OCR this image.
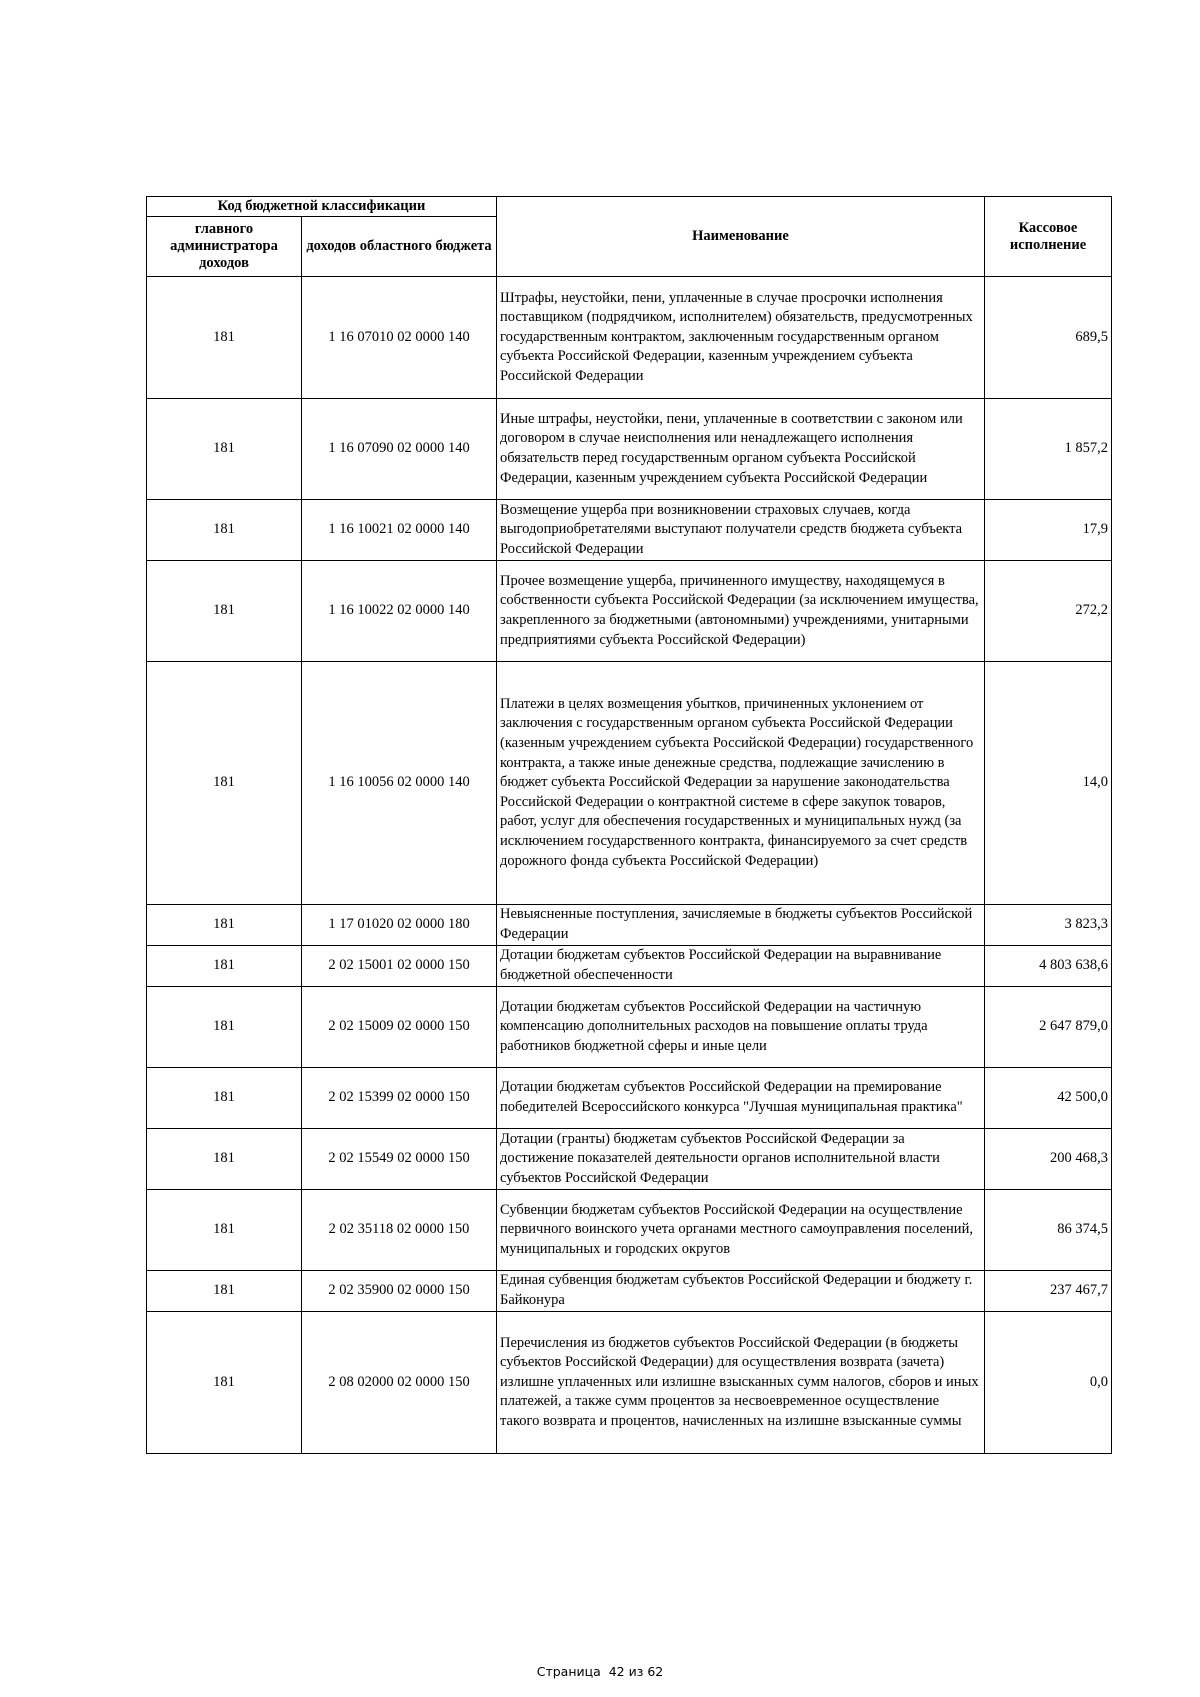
Код бюджетной классификации		Наименование	Кассовое исполнение
главного администратора доходов	доходов областного бюджета		
181	1 16 07010 02 0000 140	Штрафы, неустойки, пени, уплаченные в случае просрочки исполнения поставщиком (подрядчиком, исполнителем) обязательств, предусмотренных государственным контрактом, заключенным государственным органом субъекта Российской Федерации, казенным учреждением субъекта Российской Федерации	689,5
181	1 16 07090 02 0000 140	Иные штрафы, неустойки, пени, уплаченные в соответствии с законом или договором в случае неисполнения или ненадлежащего исполнения обязательств перед государственным органом субъекта Российской Федерации, казенным учреждением субъекта Российской Федерации	1 857,2
181	1 16 10021 02 0000 140	Возмещение ущерба при возникновении страховых случаев, когда выгодоприобретателями выступают получатели средств бюджета субъекта Российской Федерации	17,9
181	1 16 10022 02 0000 140	Прочее возмещение ущерба, причиненного имуществу, находящемуся в собственности субъекта Российской Федерации (за исключением имущества, закрепленного за бюджетными (автономными) учреждениями, унитарными предприятиями субъекта Российской Федерации)	272,2
181	1 16 10056 02 0000 140	Платежи в целях возмещения убытков, причиненных уклонением от заключения с государственным органом субъекта Российской Федерации (казенным учреждением субъекта Российской Федерации) государственного контракта, а также иные денежные средства, подлежащие зачислению в бюджет субъекта Российской Федерации за нарушение законодательства Российской Федерации о контрактной системе в сфере закупок товаров, работ, услуг для обеспечения государственных и муниципальных нужд (за исключением государственного контракта, финансируемого за счет средств дорожного фонда субъекта Российской Федерации)	14,0
181	1 17 01020 02 0000 180	Невыясненные поступления, зачисляемые в бюджеты субъектов Российской Федерации	3 823,3
181	2 02 15001 02 0000 150	Дотации бюджетам субъектов Российской Федерации на выравнивание бюджетной обеспеченности	4 803 638,6
181	2 02 15009 02 0000 150	Дотации бюджетам субъектов Российской Федерации на частичную компенсацию дополнительных расходов на повышение оплаты труда работников бюджетной сферы и иные цели	2 647 879,0
181	2 02 15399 02 0000 150	Дотации бюджетам субъектов Российской Федерации на премирование победителей Всероссийского конкурса "Лучшая муниципальная практика"	42 500,0
181	2 02 15549 02 0000 150	Дотации (гранты) бюджетам субъектов Российской Федерации за достижение показателей деятельности органов исполнительной власти субъектов Российской Федерации	200 468,3
181	2 02 35118 02 0000 150	Субвенции бюджетам субъектов Российской Федерации на осуществление первичного воинского учета органами местного самоуправления поселений, муниципальных и городских округов	86 374,5
181	2 02 35900 02 0000 150	Единая субвенция бюджетам субъектов Российской Федерации и бюджету г. Байконура	237 467,7
181	2 08 02000 02 0000 150	Перечисления из бюджетов субъектов Российской Федерации (в бюджеты субъектов Российской Федерации) для осуществления возврата (зачета) излишне уплаченных или излишне взысканных сумм налогов, сборов и иных платежей, а также сумм процентов за несвоевременное осуществление такого возврата и процентов, начисленных на излишне взысканные суммы	0,0
Страница  42 из 62
